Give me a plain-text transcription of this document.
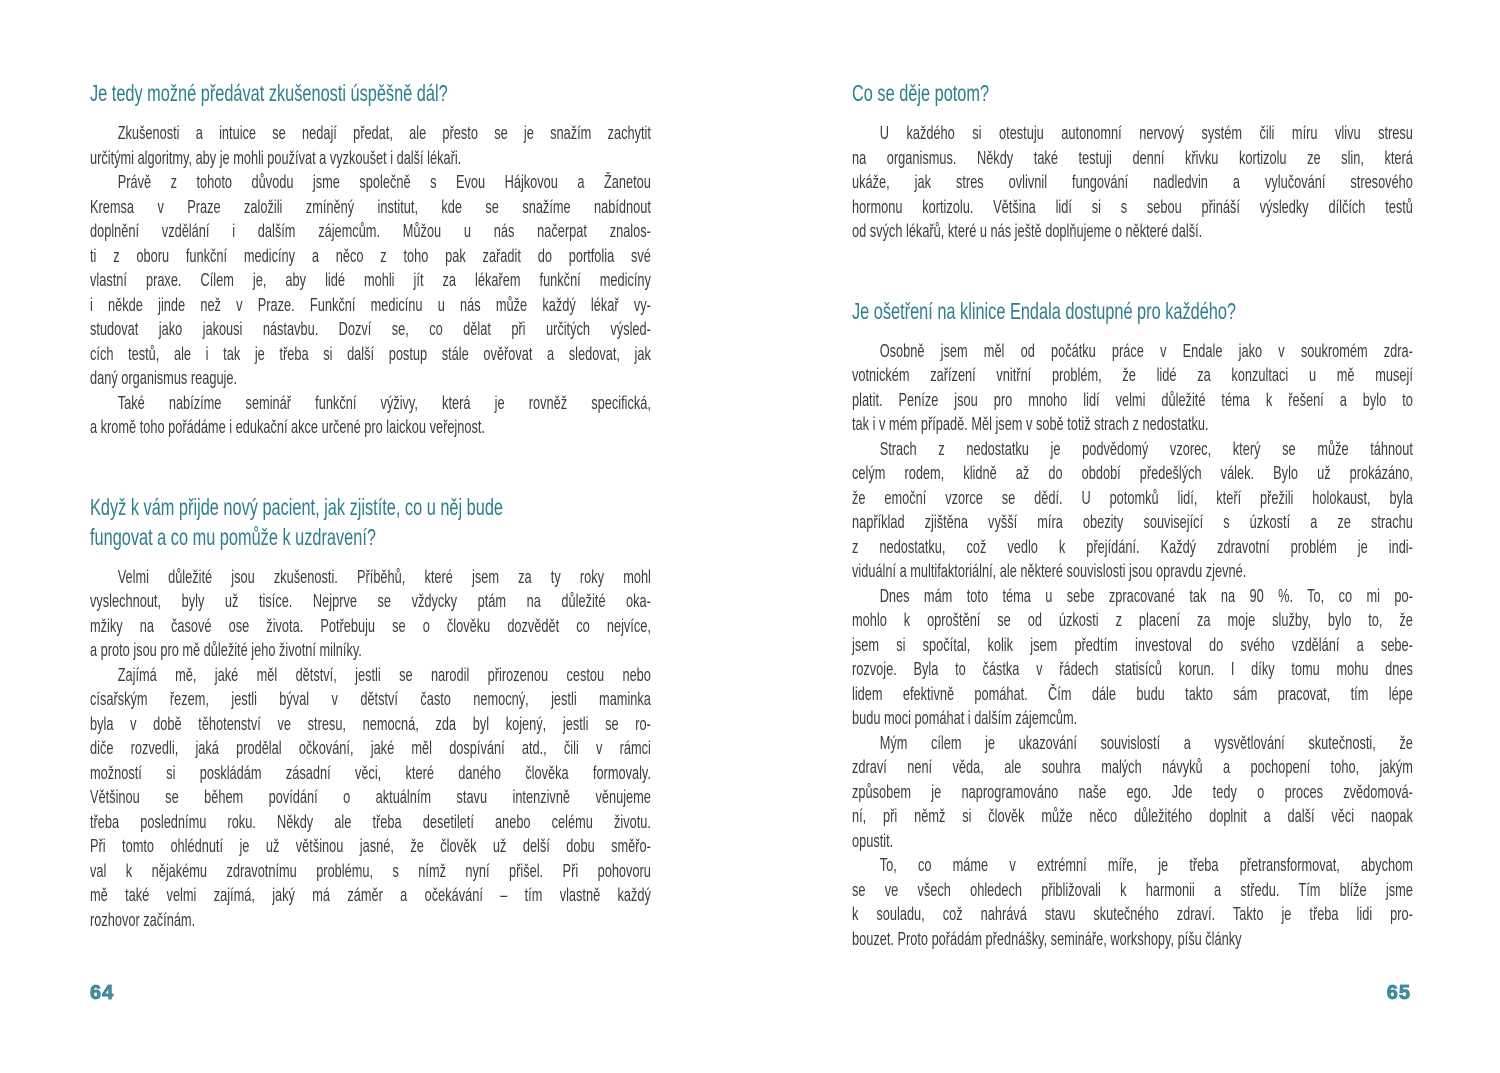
Je tedy možné předávat zkušenosti úspěšně dál?
Zkušenosti a intuice se nedají předat, ale přesto se je snažím zachytit
určitými algoritmy, aby je mohli používat a vyzkoušet i další lékaři.
Právě z tohoto důvodu jsme společně s Evou Hájkovou a Žanetou
Kremsa v Praze založili zmíněný institut, kde se snažíme nabídnout
doplnění vzdělání i dalším zájemcům. Můžou u nás načerpat znalos-
ti z oboru funkční medicíny a něco z toho pak zařadit do portfolia své
vlastní praxe. Cílem je, aby lidé mohli jít za lékařem funkční medicíny
i někde jinde než v Praze. Funkční medicínu u nás může každý lékař vy-
studovat jako jakousi nástavbu. Dozví se, co dělat při určitých výsled-
cích testů, ale i tak je třeba si další postup stále ověřovat a sledovat, jak
daný organismus reaguje.
Také nabízíme seminář funkční výživy, která je rovněž specifická,
a kromě toho pořádáme i edukační akce určené pro laickou veřejnost.
Když k vám přijde nový pacient, jak zjistíte, co u něj bude
fungovat a co mu pomůže k uzdravení?
Velmi důležité jsou zkušenosti. Příběhů, které jsem za ty roky mohl
vyslechnout, byly už tisíce. Nejprve se vždycky ptám na důležité oka-
mžiky na časové ose života. Potřebuju se o člověku dozvědět co nejvíce,
a proto jsou pro mě důležité jeho životní milníky.
Zajímá mě, jaké měl dětství, jestli se narodil přirozenou cestou nebo
císařským řezem, jestli býval v dětství často nemocný, jestli maminka
byla v době těhotenství ve stresu, nemocná, zda byl kojený, jestli se ro-
diče rozvedli, jaká prodělal očkování, jaké měl dospívání atd., čili v rámci
možností si poskládám zásadní věci, které daného člověka formovaly.
Většinou se během povídání o aktuálním stavu intenzivně věnujeme
třeba poslednímu roku. Někdy ale třeba desetiletí anebo celému životu.
Při tomto ohlédnutí je už většinou jasné, že člověk už delší dobu směřo-
val k nějakému zdravotnímu problému, s nímž nyní přišel. Při pohovoru
mě také velmi zajímá, jaký má záměr a očekávání – tím vlastně každý
rozhovor začínám.
64
Co se děje potom?
U každého si otestuju autonomní nervový systém čili míru vlivu stresu
na organismus. Někdy také testuji denní křivku kortizolu ze slin, která
ukáže, jak stres ovlivnil fungování nadledvin a vylučování stresového
hormonu kortizolu. Většina lidí si s sebou přináší výsledky dílčích testů
od svých lékařů, které u nás ještě doplňujeme o některé další.
Je ošetření na klinice Endala dostupné pro každého?
Osobně jsem měl od počátku práce v Endale jako v soukromém zdra-
votnickém zařízení vnitřní problém, že lidé za konzultaci u mě musejí
platit. Peníze jsou pro mnoho lidí velmi důležité téma k řešení a bylo to
tak i v mém případě. Měl jsem v sobě totiž strach z nedostatku.
Strach z nedostatku je podvědomý vzorec, který se může táhnout
celým rodem, klidně až do období předešlých válek. Bylo už prokázáno,
že emoční vzorce se dědí. U potomků lidí, kteří přežili holokaust, byla
například zjištěna vyšší míra obezity související s úzkostí a ze strachu
z nedostatku, což vedlo k přejídání. Každý zdravotní problém je indi-
viduální a multifaktoriální, ale některé souvislosti jsou opravdu zjevné.
Dnes mám toto téma u sebe zpracované tak na 90 %. To, co mi po-
mohlo k oproštění se od úzkosti z placení za moje služby, bylo to, že
jsem si spočítal, kolik jsem předtím investoval do svého vzdělání a sebe-
rozvoje. Byla to částka v řádech statisíců korun. I díky tomu mohu dnes
lidem efektivně pomáhat. Čím dále budu takto sám pracovat, tím lépe
budu moci pomáhat i dalším zájemcům.
Mým cílem je ukazování souvislostí a vysvětlování skutečnosti, že
zdraví není věda, ale souhra malých návyků a pochopení toho, jakým
způsobem je naprogramováno naše ego. Jde tedy o proces zvědomová-
ní, při němž si člověk může něco důležitého doplnit a další věci naopak
opustit.
To, co máme v extrémní míře, je třeba přetransformovat, abychom
se ve všech ohledech přibližovali k harmonii a středu. Tím blíže jsme
k souladu, což nahrává stavu skutečného zdraví. Takto je třeba lidi pro-
bouzet. Proto pořádám přednášky, semináře, workshopy, píšu články
65
